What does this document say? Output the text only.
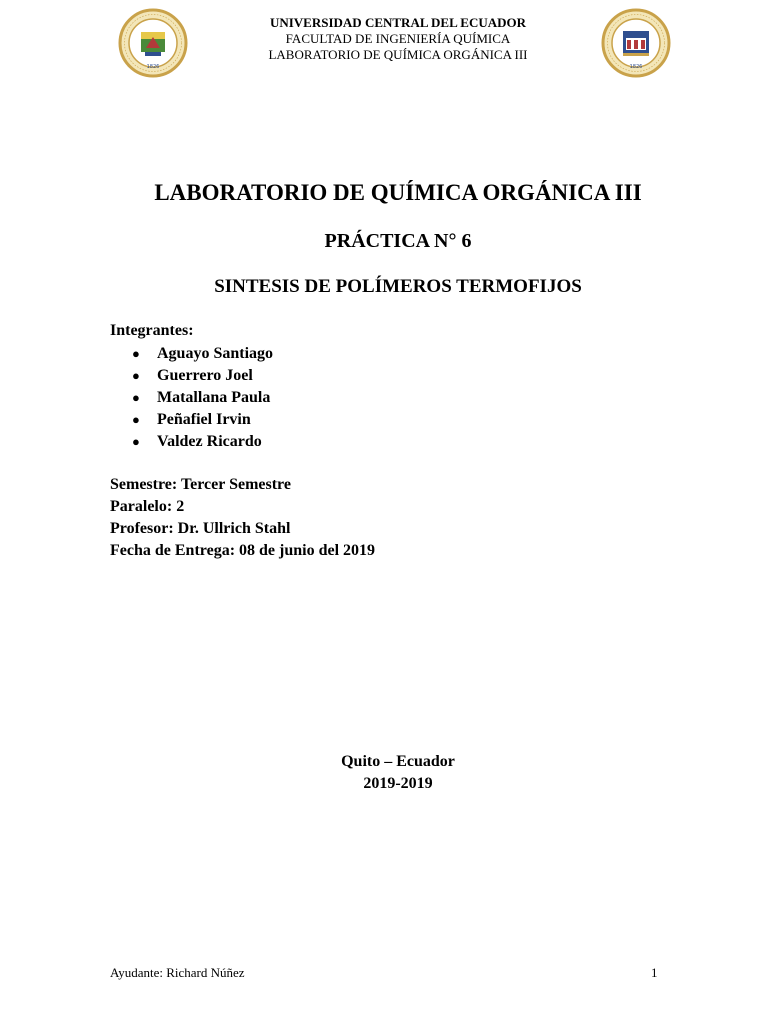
1826	1826
UNIVERSIDAD CENTRAL DEL ECUADOR
FACULTAD DE INGENIERÍA QUÍMICA
LABORATORIO DE QUÍMICA ORGÁNICA III
LABORATORIO DE QUÍMICA ORGÁNICA III
PRÁCTICA N° 6
SINTESIS DE POLÍMEROS TERMOFIJOS
Integrantes:
● Aguayo Santiago
● Guerrero Joel
● Matallana Paula
● Peñafiel Irvin
● Valdez Ricardo
Semestre: Tercer Semestre
Paralelo: 2
Profesor: Dr. Ullrich Stahl
Fecha de Entrega: 08 de junio del 2019
Quito – Ecuador
2019-2019
Ayudante: Richard Núñez	1
